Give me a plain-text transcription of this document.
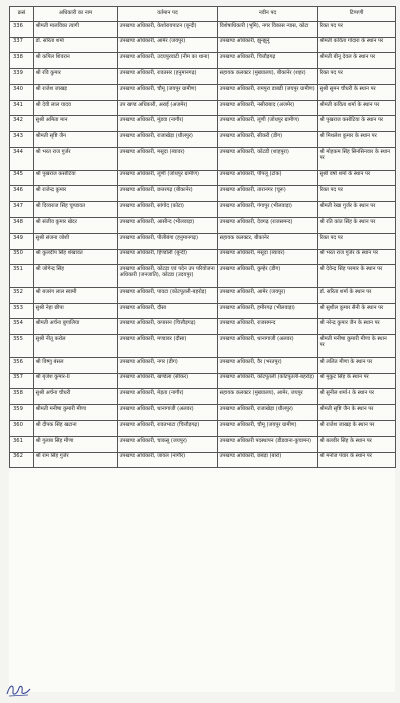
क्रसं	अधिकारी का नाम	वर्तमान पद	नवीन पद	टिप्पणी
336	श्रीमती मालविका त्यागी	उपखण्ड अधिकारी, केशोरायपाटन (बून्दी)	विशेषाधिकारी (भूमि), नगर विकास न्यास, कोटा	रिक्त पद पर
337	डॉ. सरिता शर्मा	उपखण्ड अधिकारी, आमेर (जयपुर)	उपखण्ड अधिकारी, झुन्झुनूं	श्रीमती कविता गोदारा के स्थान पर
338	श्री कपिल शिवरान	उपखण्ड अधिकारी, उदयपुरवाटी (नीम का थाना)	उपखण्ड अधिकारी, चित्तौड़गढ़	श्रीमती बीनू देवल के स्थान पर
339	श्री रवि कुमार	उपखण्ड अधिकारी, रावतसर (हनुमानगढ़)	सहायक कलक्टर (मुख्यालय), बीकानेर (शहर)	रिक्त पद पर
340	श्री राजेश जाखड़	उपखण्ड अधिकारी, चौमू (जयपुर ग्रामीण)	उपखण्ड अधिकारी, रामपुरा डाबडी (जयपुर ग्रामीण)	सुश्री सुमन चौधरी के स्थान पर
341	श्री देवी लाल यादव	उप खण्ड अधिकारी, अराई (अजमेर)	उपखण्ड अधिकारी, नसीराबाद (अजमेर)	श्रीमती कविता शर्मा के स्थान पर
342	सुश्री अमिता मान	उपखण्ड अधिकारी, मूंडवा (नागौर)	उपखण्ड अधिकारी, लूणी (जोधपुर ग्रामीण)	श्री पुखराज कसोटिया के स्थान पर
343	श्रीमती सृष्टि जैन	उपखण्ड अधिकारी, राजाखेड़ा (धौलपुर)	उपखण्ड अधिकारी, सीकरी (डीग)	श्री मिथलेश कुमार के स्थान पर
344	श्री भरत राज गुर्जर	उपखण्ड अधिकारी, मसूदा (ब्यावर)	उपखण्ड अधिकारी, कोटडी (शाहपुरा)	श्री मोहकम सिंह सिनसिनवार के स्थान पर
345	श्री पुखराज कसोटिया	उपखण्ड अधिकारी, लूणी (जोधपुर ग्रामीण)	उपखण्ड अधिकारी, पीपलू (टोंक)	सुश्री वर्षा शर्मा के स्थान पर
346	श्री राजेन्द्र कुमार	उपखण्ड अधिकारी, छत्तरगढ़ (बीकानेर)	उपखण्ड अधिकारी, तारानगर (चूरू)	रिक्त पद पर
347	श्री दिव्यराज सिंह चूण्डावत	उपखण्ड अधिकारी, सांगोद (कोटा)	उपखण्ड अधिकारी, गंगापुर (भीलवाड़ा)	श्रीमती रेखा गुर्जर के स्थान पर
348	श्री संजीव कुमार खेदर	उपखण्ड अधिकारी, आसीन्द (भीलवाड़ा)	उपखण्ड अधिकारी, देवगढ़ (राजसमन्द)	श्री रति कांत सिंह के स्थान पर
349	सुश्री संजना जोशी	उपखण्ड अधिकारी, पीलीबंगा (हनुमानगढ़)	सहायक कलक्टर, बीकानेर	रिक्त पद पर
350	श्री कुलदीप सिंह शेखावत	उपखण्ड अधिकारी, हिण्डोली (बून्दी)	उपखण्ड अधिकारी, मसूदा (ब्यावर)	श्री भरत राज गुर्जर के स्थान पर
351	श्री जोगेन्द्र सिंह	उपखण्ड अधिकारी, कोटड़ा एवं पदेन उप परियोजना अधिकारी (जनजाति), कोटडा (उदयपुर)	उपखण्ड अधिकारी, कुम्हेर (डीग)	श्री देवेन्द्र सिंह परमार के स्थान पर
352	श्री बजरंग लाल स्वामी	उपखण्ड अधिकारी, पावटा (कोटपूतली-बहरोड़)	उपखण्ड अधिकारी, आमेर (जयपुर)	डॉ. सरिता शर्मा के स्थान पर
353	सुश्री नेहा छीपा	उपखण्ड अधिकारी, दौसा	उपखण्ड अधिकारी, हमीरगढ़ (भीलवाड़ा)	श्री सुशील कुमार सैनी के स्थान पर
354	श्रीमती अर्चना बुगालिया	उपखण्ड अधिकारी, कपासन (चित्तौड़गढ़)	उपखण्ड अधिकारी, राजसमन्द	श्री नरेन्द्र कुमार जैन के स्थान पर
355	सुश्री नीतू करोल	उपखण्ड अधिकारी, मण्डावर (दौसा)	उपखण्ड अधिकारी, थानागाजी (अलवर)	श्रीमती मनीषा कुमारी मीणा के स्थान पर
356	श्री विष्णु बंसल	उपखण्ड अधिकारी, नगर (डीग)	उपखण्ड अधिकारी, वैर (भरतपुर)	श्री ललित मीणा के स्थान पर
357	श्री बृजेश कुमार-II	उपखण्ड अधिकारी, खण्डेला (सीकर)	उपखण्ड अधिकारी, कोटपूतली (कोटपूतली-बहरोड़)	श्री मुकुट सिंह के स्थान पर
358	सुश्री अर्चना चौधरी	उपखण्ड अधिकारी, मेड़ता (नागौर)	सहायक कलक्टर (मुख्यालय), आमेर, जयपुर	श्री सुनील शर्मा-I के स्थान पर
359	श्रीमती मनीषा कुमारी मीणा	उपखण्ड अधिकारी, थानागाजी (अलवर)	उपखण्ड अधिकारी, राजाखेड़ा (धौलपुर)	श्रीमती सृष्टि जैन के स्थान पर
360	श्री दीपक सिंह खटाना	उपखण्ड अधिकारी, रावतभाटा (चित्तौड़गढ़)	उपखण्ड अधिकारी, चौमू (जयपुर ग्रामीण)	श्री राजेश जाखड़ के स्थान पर
361	श्री गुलाब सिंह मीणा	उपखण्ड अधिकारी, चाकसू (जयपुर)	उपखण्ड अधिकारी पदस्थापन (डीडवाना-कुचामन)	श्री बलवीर सिंह के स्थान पर
362	श्री राम सिंह गुर्जर	उपखण्ड अधिकारी, जायल (नागौर)	उपखण्ड अधिकारी, छबड़ा (बारां)	श्री मनोज पंवार के स्थान पर
